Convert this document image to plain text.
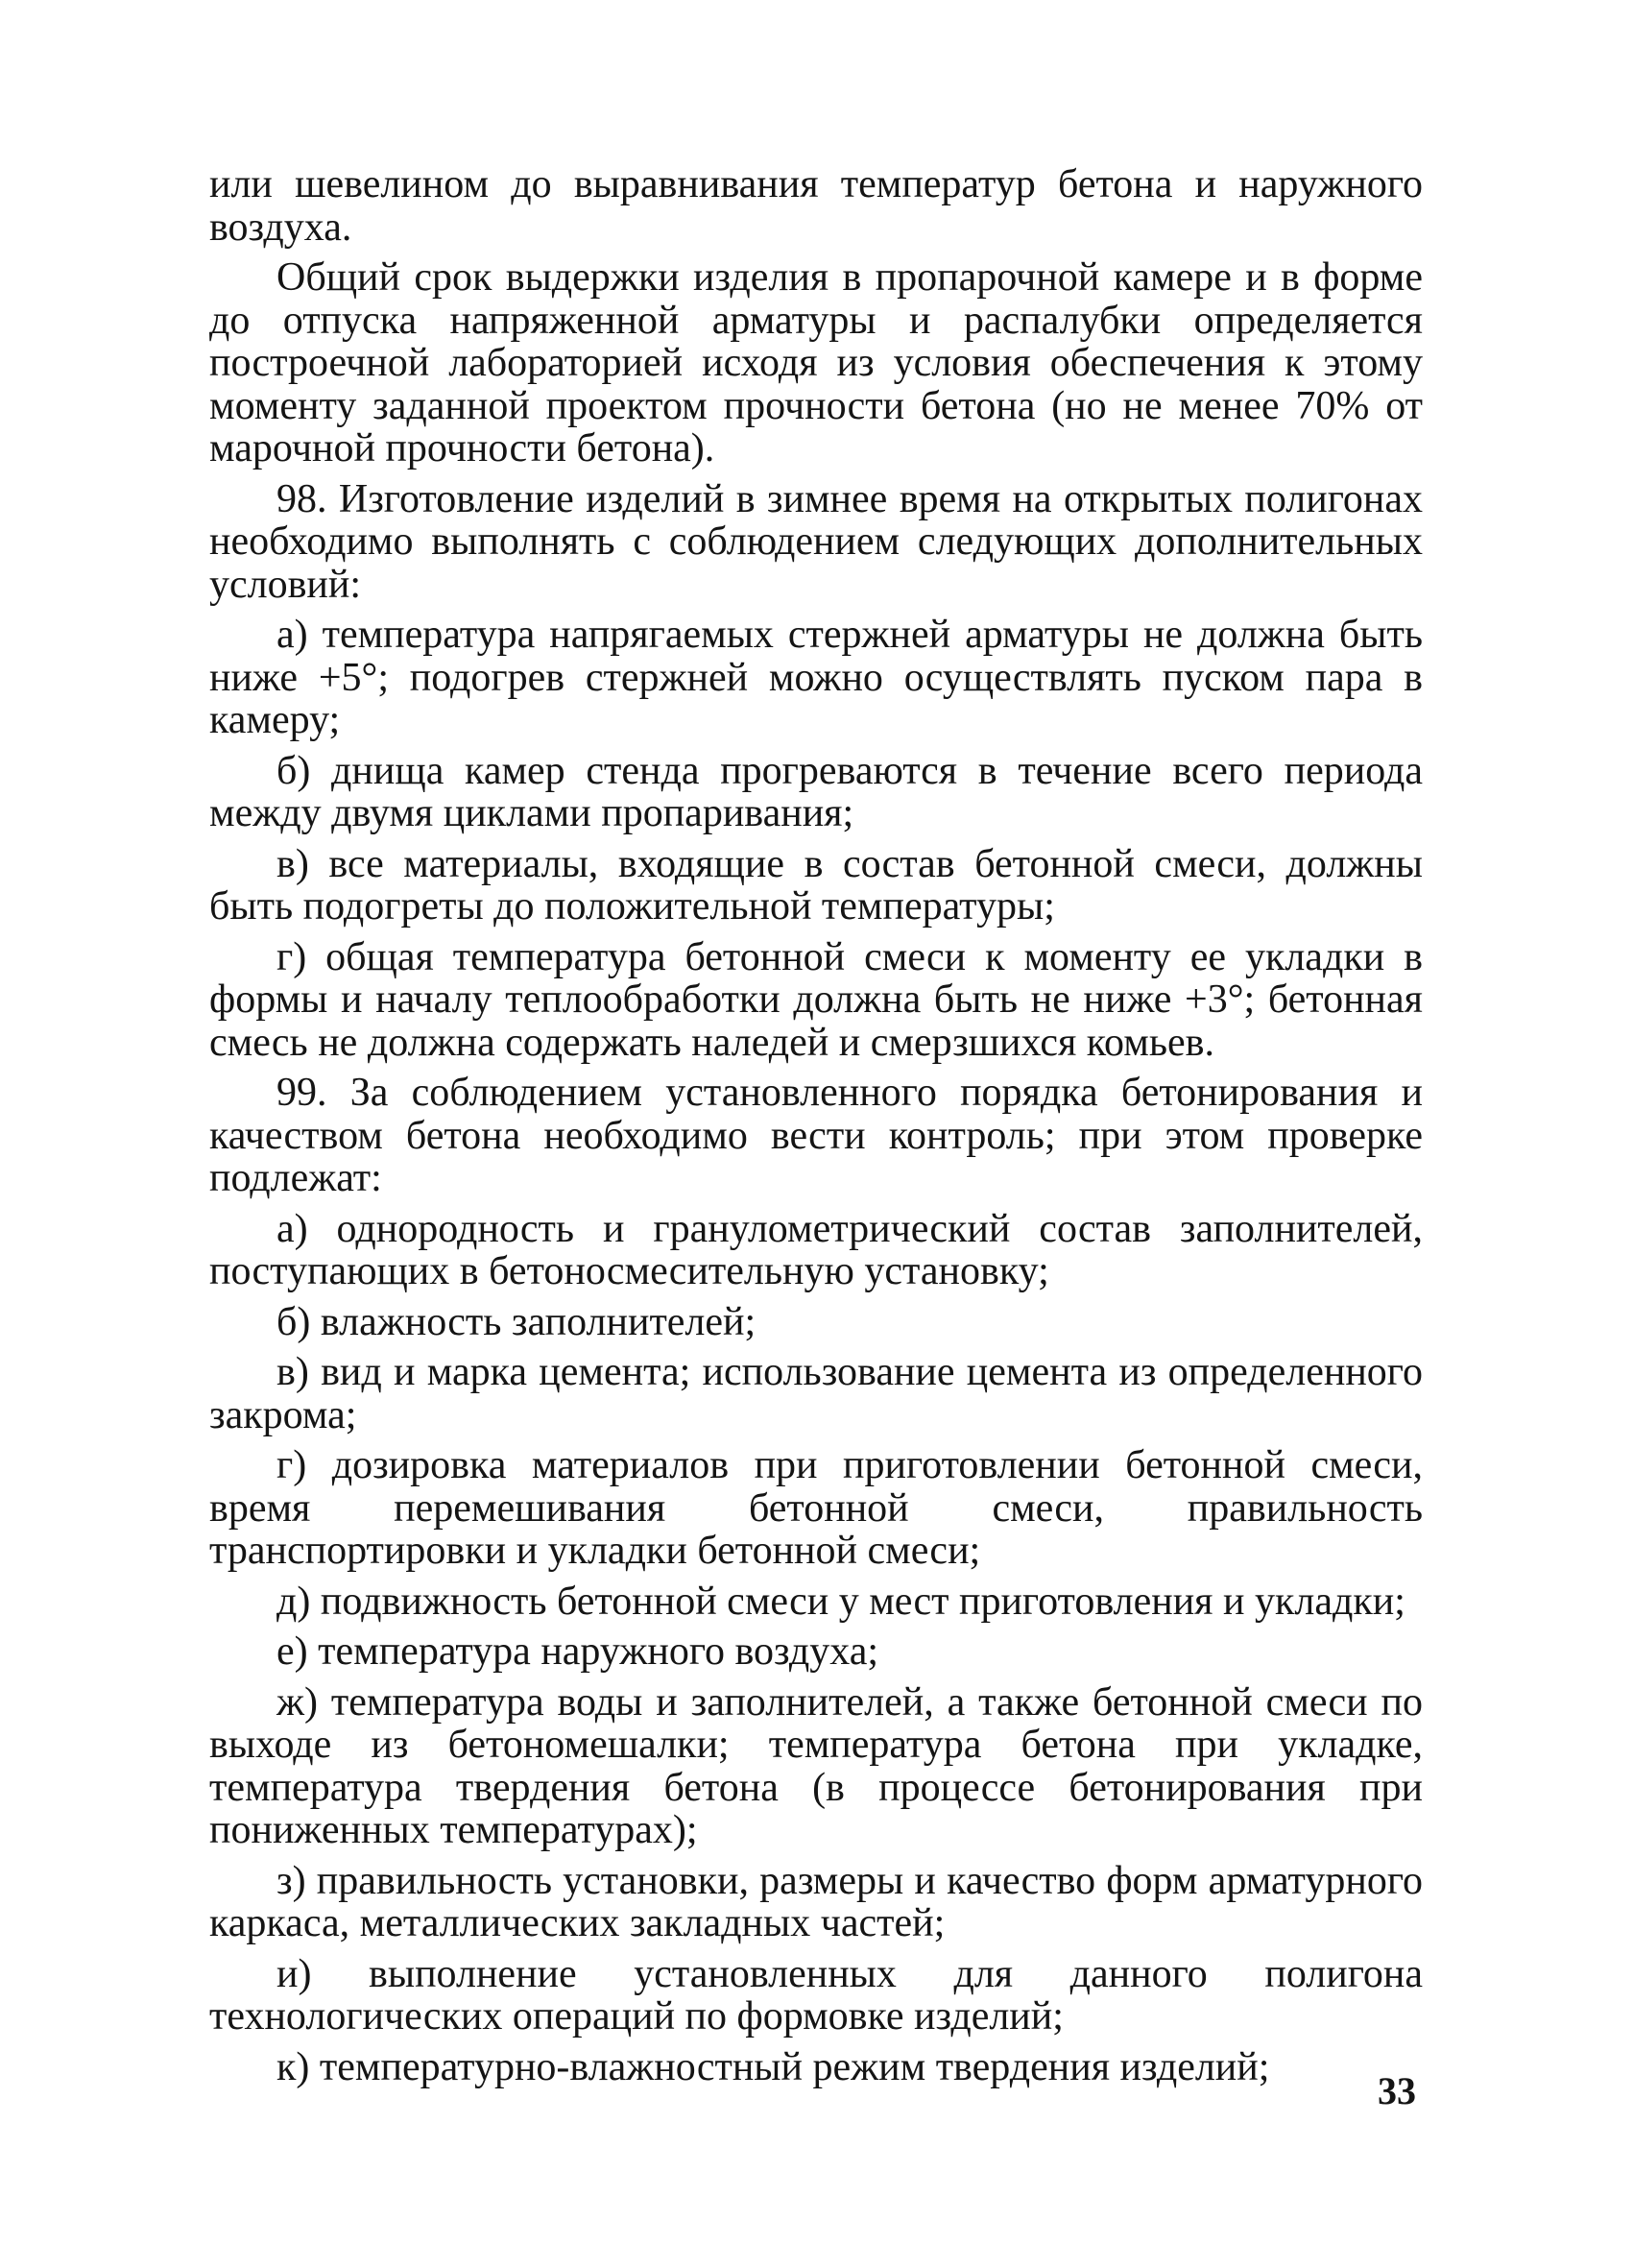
или шевелином до выравнивания температур бетона и наружного воздуха.

Общий срок выдержки изделия в пропарочной камере и в форме до отпуска напряженной арматуры и распалубки определяется построечной лабораторией исходя из условия обеспечения к этому моменту заданной проектом прочности бетона (но не менее 70% от марочной прочности бетона).

98. Изготовление изделий в зимнее время на открытых полигонах необходимо выполнять с соблюдением следующих дополнительных условий:

а) температура напрягаемых стержней арматуры не должна быть ниже +5°; подогрев стержней можно осуществлять пуском пара в камеру;

б) днища камер стенда прогреваются в течение всего периода между двумя циклами пропаривания;

в) все материалы, входящие в состав бетонной смеси, должны быть подогреты до положительной температуры;

г) общая температура бетонной смеси к моменту ее укладки в формы и началу теплообработки должна быть не ниже +3°; бетонная смесь не должна содержать наледей и смерзшихся комьев.

99. За соблюдением установленного порядка бетонирования и качеством бетона необходимо вести контроль; при этом проверке подлежат:

а) однородность и гранулометрический состав заполнителей, поступающих в бетоносмесительную установку;

б) влажность заполнителей;

в) вид и марка цемента; использование цемента из определенного закрома;

г) дозировка материалов при приготовлении бетонной смеси, время перемешивания бетонной смеси, правильность транспортировки и укладки бетонной смеси;

д) подвижность бетонной смеси у мест приготовления и укладки;

е) температура наружного воздуха;

ж) температура воды и заполнителей, а также бетонной смеси по выходе из бетономешалки; температура бетона при укладке, температура твердения бетона (в процессе бетонирования при пониженных температурах);

з) правильность установки, размеры и качество форм арматурного каркаса, металлических закладных частей;

и) выполнение установленных для данного полигона технологических операций по формовке изделий;

к) температурно-влажностный режим твердения изделий;

33
